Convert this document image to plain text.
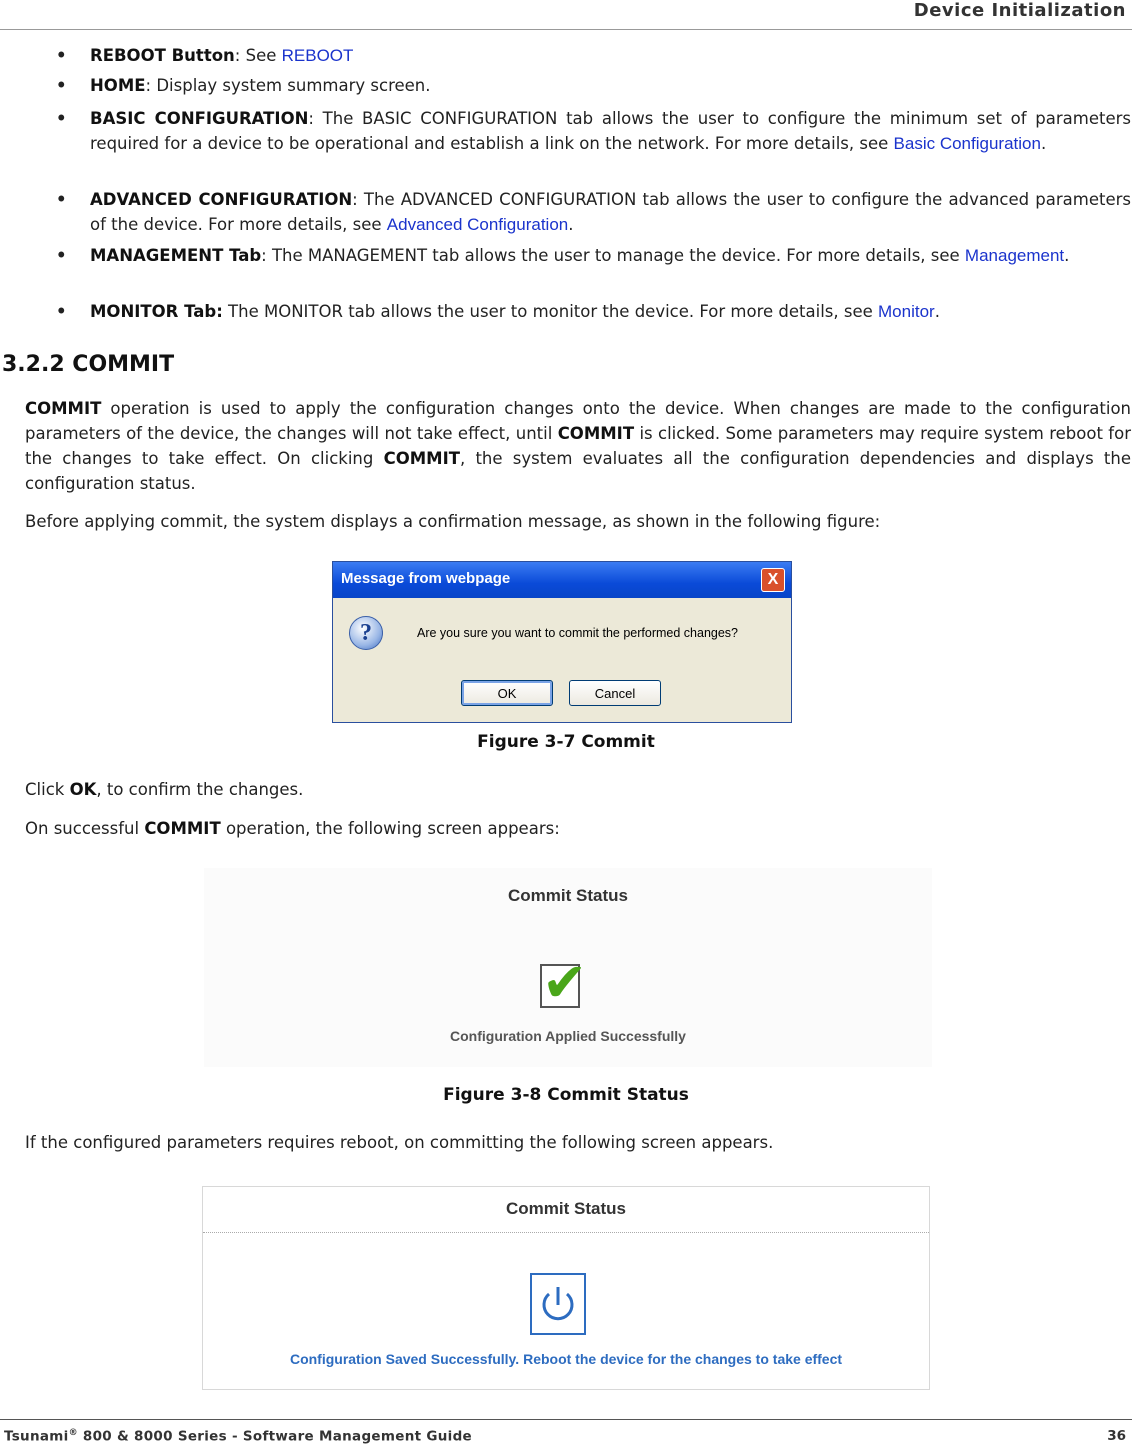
Device Initialization
• REBOOT Button: See REBOOT
• HOME: Display system summary screen.
• BASIC CONFIGURATION: The BASIC CONFIGURATION tab allows the user to configure the minimum set of parameters required for a device to be operational and establish a link on the network. For more details, see Basic Configuration.
• ADVANCED CONFIGURATION: The ADVANCED CONFIGURATION tab allows the user to configure the advanced parameters of the device. For more details, see Advanced Configuration.
• MANAGEMENT Tab: The MANAGEMENT tab allows the user to manage the device. For more details, see Management.
• MONITOR Tab: The MONITOR tab allows the user to monitor the device. For more details, see Monitor.
3.2.2 COMMIT
COMMIT operation is used to apply the configuration changes onto the device. When changes are made to the configuration parameters of the device, the changes will not take effect, until COMMIT is clicked. Some parameters may require system reboot for the changes to take effect. On clicking COMMIT, the system evaluates all the configuration dependencies and displays the configuration status.
Before applying commit, the system displays a confirmation message, as shown in the following figure:
Message from webpage	X
?	Are you sure you want to commit the performed changes?
OK	Cancel
Figure 3-7 Commit
Click OK, to confirm the changes.
On successful COMMIT operation, the following screen appears:
Commit Status
✔
Configuration Applied Successfully
Figure 3-8 Commit Status
If the configured parameters requires reboot, on committing the following screen appears.
Commit Status
Configuration Saved Successfully. Reboot the device for the changes to take effect
Tsunami® 800 & 8000 Series - Software Management Guide	36
